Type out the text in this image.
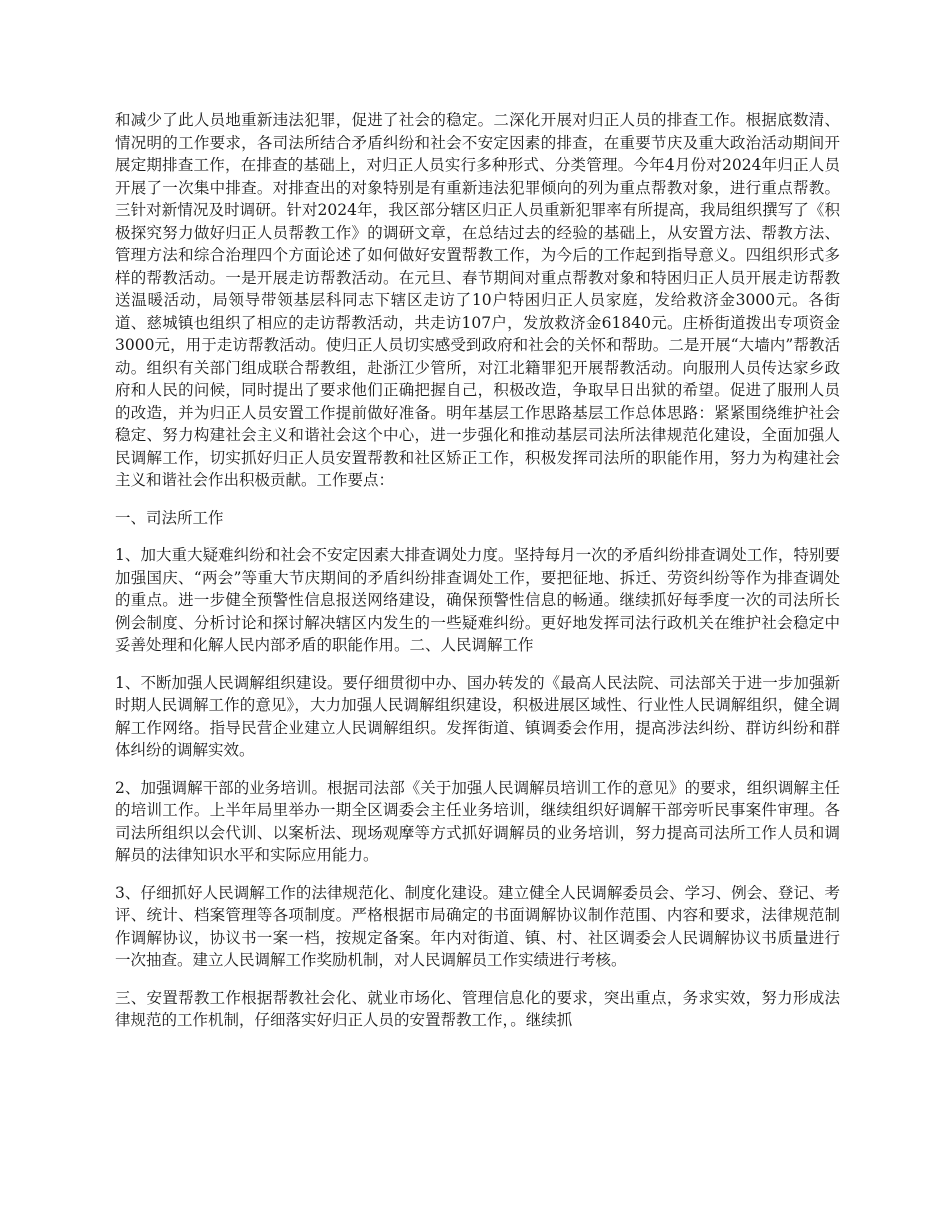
和减少了此人员地重新违法犯罪，促进了社会的稳定。二深化开展对归正人员的排查工作。根据底数清、情况明的工作要求，各司法所结合矛盾纠纷和社会不安定因素的排查，在重要节庆及重大政治活动期间开展定期排查工作，在排查的基础上，对归正人员实行多种形式、分类管理。今年4月份对2024年归正人员开展了一次集中排查。对排查出的对象特别是有重新违法犯罪倾向的列为重点帮教对象，进行重点帮教。三针对新情况及时调研。针对2024年，我区部分辖区归正人员重新犯罪率有所提高，我局组织撰写了《积极探究努力做好归正人员帮教工作》的调研文章，在总结过去的经验的基础上，从安置方法、帮教方法、管理方法和综合治理四个方面论述了如何做好安置帮教工作，为今后的工作起到指导意义。四组织形式多样的帮教活动。一是开展走访帮教活动。在元旦、春节期间对重点帮教对象和特困归正人员开展走访帮教送温暖活动，局领导带领基层科同志下辖区走访了10户特困归正人员家庭，发给救济金3000元。各街道、慈城镇也组织了相应的走访帮教活动，共走访107户，发放救济金61840元。庄桥街道拨出专项资金3000元，用于走访帮教活动。使归正人员切实感受到政府和社会的关怀和帮助。二是开展“大墙内”帮教活动。组织有关部门组成联合帮教组，赴浙江少管所，对江北籍罪犯开展帮教活动。向服刑人员传达家乡政府和人民的问候，同时提出了要求他们正确把握自己，积极改造，争取早日出狱的希望。促进了服刑人员的改造，并为归正人员安置工作提前做好准备。明年基层工作思路基层工作总体思路：紧紧围绕维护社会稳定、努力构建社会主义和谐社会这个中心，进一步强化和推动基层司法所法律规范化建设，全面加强人民调解工作，切实抓好归正人员安置帮教和社区矫正工作，积极发挥司法所的职能作用，努力为构建社会主义和谐社会作出积极贡献。工作要点：

一、司法所工作

1、加大重大疑难纠纷和社会不安定因素大排查调处力度。坚持每月一次的矛盾纠纷排查调处工作，特别要加强国庆、“两会”等重大节庆期间的矛盾纠纷排查调处工作，要把征地、拆迁、劳资纠纷等作为排查调处的重点。进一步健全预警性信息报送网络建设，确保预警性信息的畅通。继续抓好每季度一次的司法所长例会制度、分析讨论和探讨解决辖区内发生的一些疑难纠纷。更好地发挥司法行政机关在维护社会稳定中妥善处理和化解人民内部矛盾的职能作用。二、人民调解工作

1、不断加强人民调解组织建设。要仔细贯彻中办、国办转发的《最高人民法院、司法部关于进一步加强新时期人民调解工作的意见》，大力加强人民调解组织建设，积极进展区域性、行业性人民调解组织，健全调解工作网络。指导民营企业建立人民调解组织。发挥街道、镇调委会作用，提高涉法纠纷、群访纠纷和群体纠纷的调解实效。

2、加强调解干部的业务培训。根据司法部《关于加强人民调解员培训工作的意见》的要求，组织调解主任的培训工作。上半年局里举办一期全区调委会主任业务培训，继续组织好调解干部旁听民事案件审理。各司法所组织以会代训、以案析法、现场观摩等方式抓好调解员的业务培训，努力提高司法所工作人员和调解员的法律知识水平和实际应用能力。

3、仔细抓好人民调解工作的法律规范化、制度化建设。建立健全人民调解委员会、学习、例会、登记、考评、统计、档案管理等各项制度。严格根据市局确定的书面调解协议制作范围、内容和要求，法律规范制作调解协议，协议书一案一档，按规定备案。年内对街道、镇、村、社区调委会人民调解协议书质量进行一次抽查。建立人民调解工作奖励机制，对人民调解员工作实绩进行考核。

三、安置帮教工作根据帮教社会化、就业市场化、管理信息化的要求，突出重点，务求实效，努力形成法律规范的工作机制，仔细落实好归正人员的安置帮教工作，。继续抓
